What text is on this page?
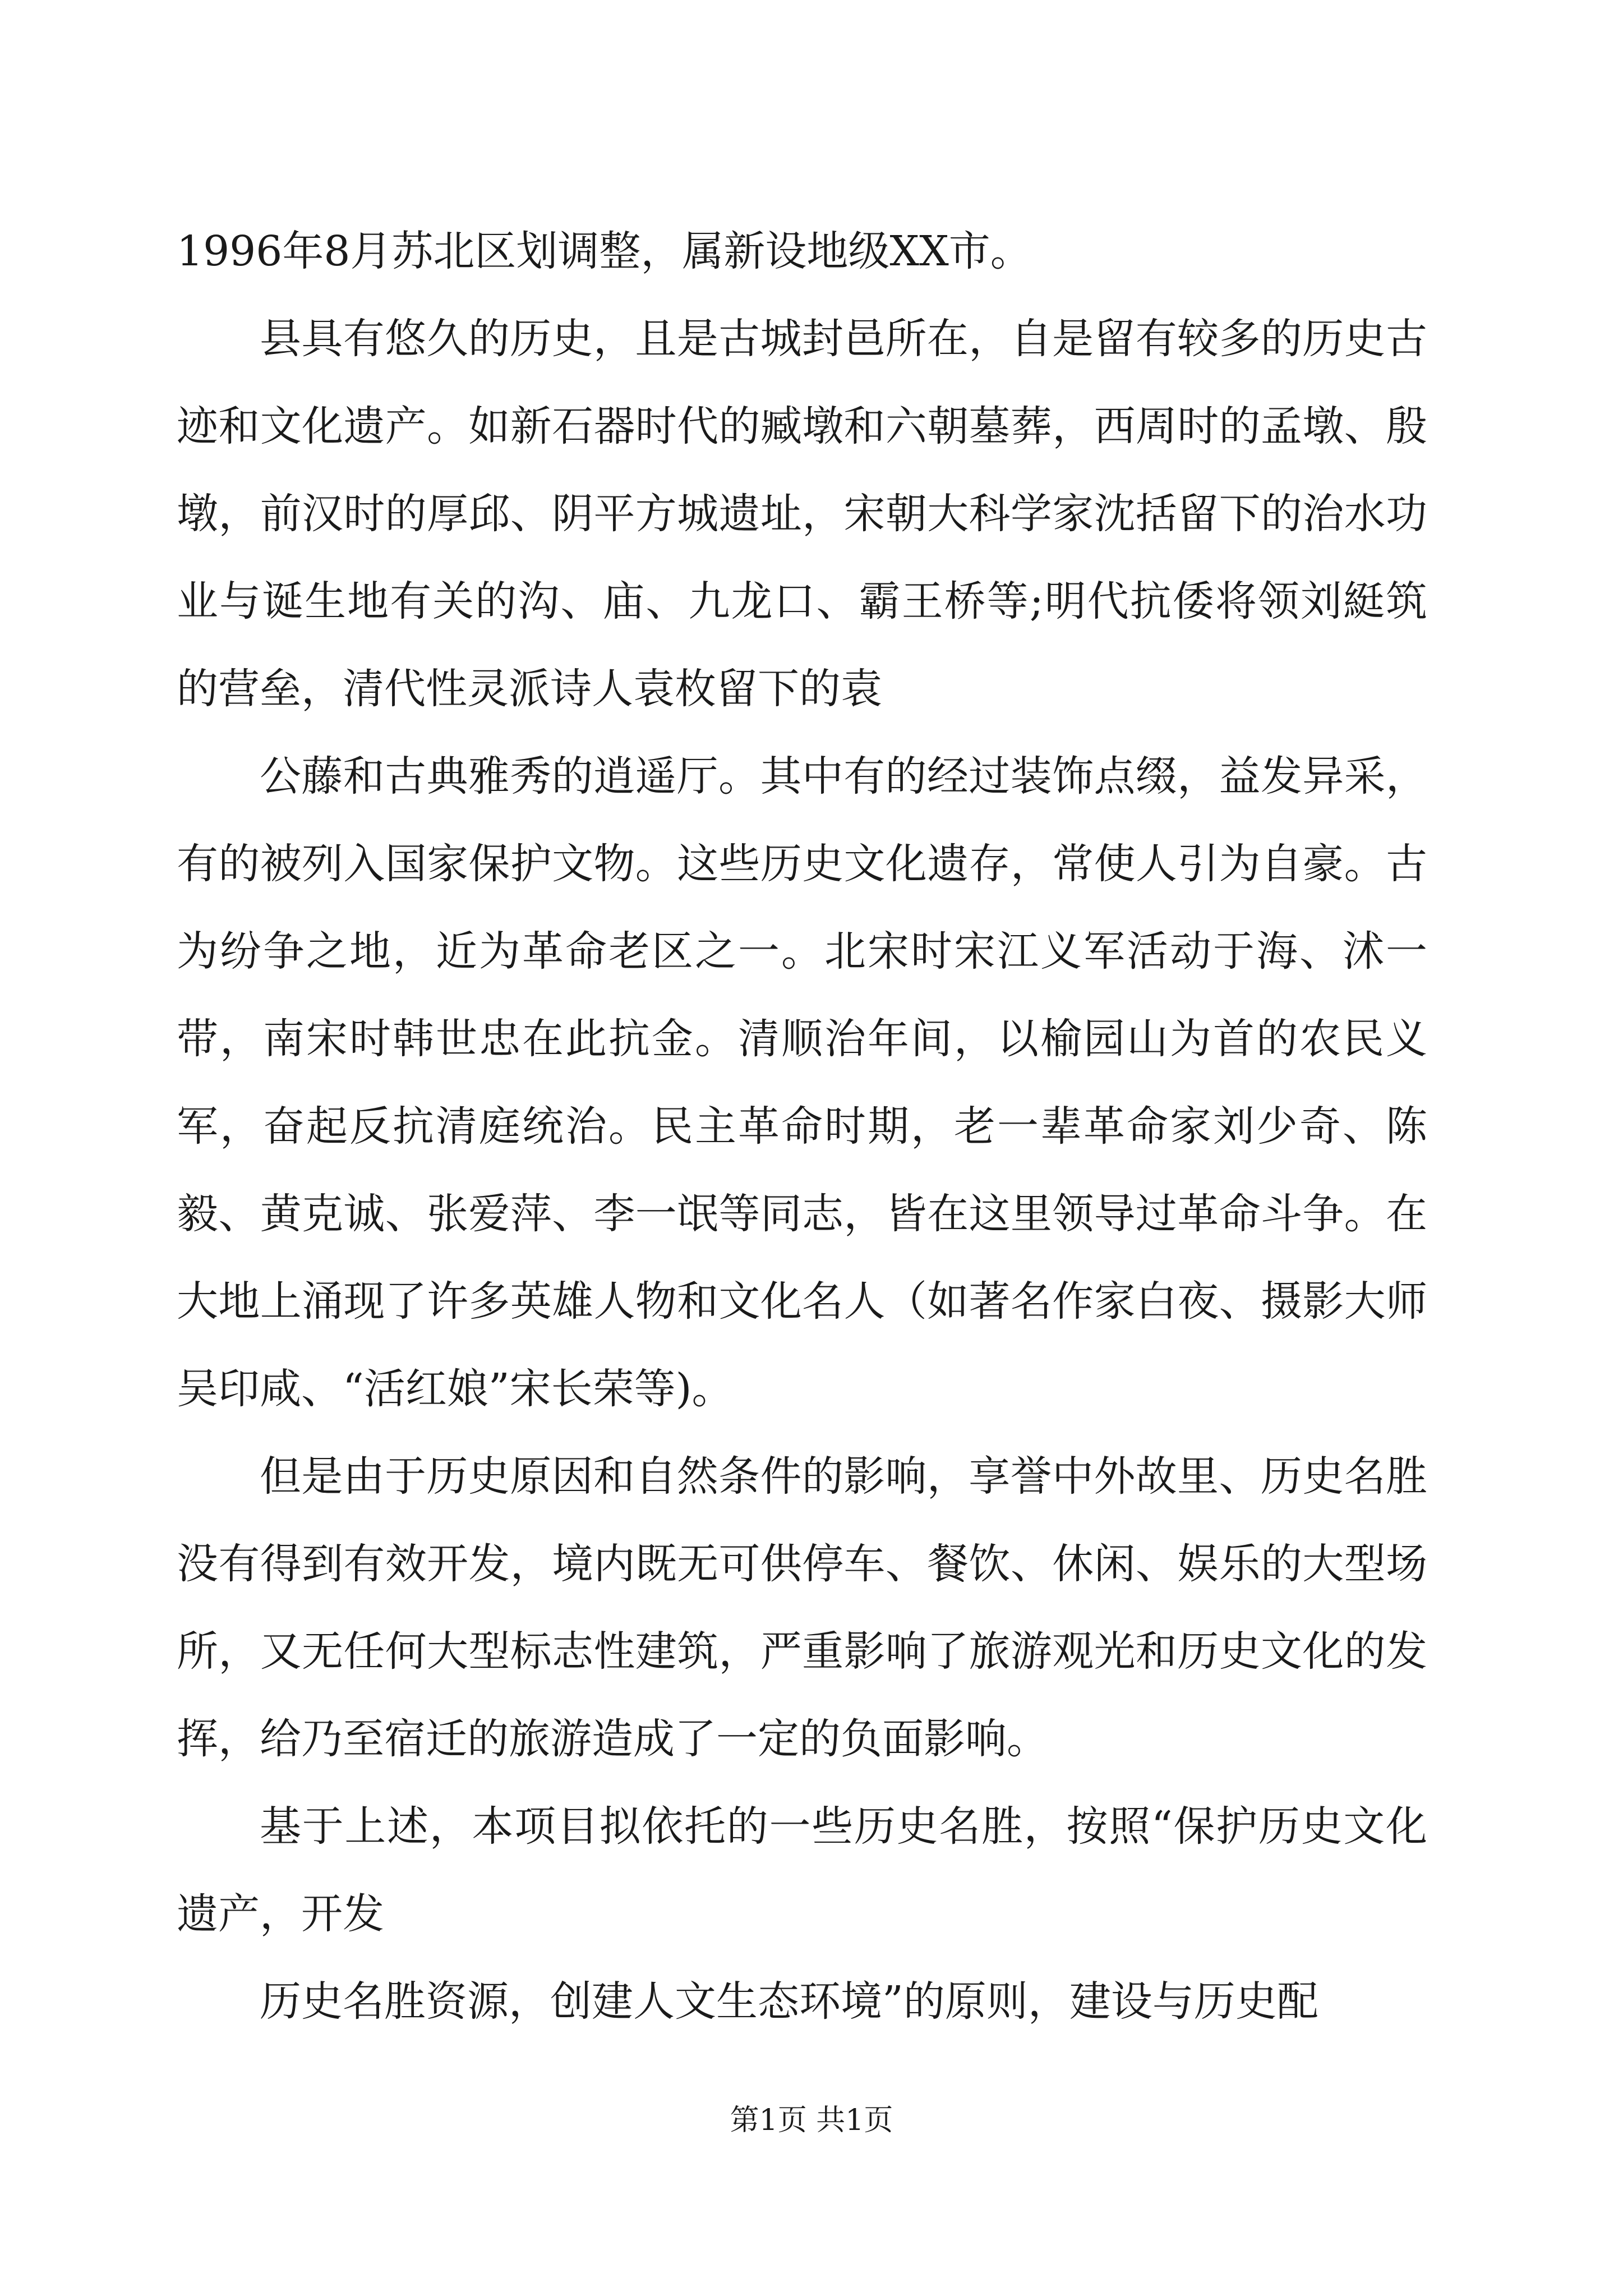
1996年8月苏北区划调整，属新设地级XX市。

县具有悠久的历史，且是古城封邑所在，自是留有较多的历史古迹和文化遗产。如新石器时代的臧墩和六朝墓葬，西周时的孟墩、殷墩，前汉时的厚邱、阴平方城遗址，宋朝大科学家沈括留下的治水功业与诞生地有关的沟、庙、九龙口、霸王桥等;明代抗倭将领刘綎筑的营垒，清代性灵派诗人袁枚留下的袁

公藤和古典雅秀的逍遥厅。其中有的经过装饰点缀，益发异采，有的被列入国家保护文物。这些历史文化遗存，常使人引为自豪。古为纷争之地，近为革命老区之一。北宋时宋江义军活动于海、沭一带，南宋时韩世忠在此抗金。清顺治年间，以榆园山为首的农民义军，奋起反抗清庭统治。民主革命时期，老一辈革命家刘少奇、陈毅、黄克诚、张爱萍、李一氓等同志，皆在这里领导过革命斗争。在大地上涌现了许多英雄人物和文化名人（如著名作家白夜、摄影大师吴印咸、“活红娘”宋长荣等)。

但是由于历史原因和自然条件的影响，享誉中外故里、历史名胜没有得到有效开发，境内既无可供停车、餐饮、休闲、娱乐的大型场所，又无任何大型标志性建筑，严重影响了旅游观光和历史文化的发挥，给乃至宿迁的旅游造成了一定的负面影响。

基于上述，本项目拟依托的一些历史名胜，按照“保护历史文化遗产，开发

历史名胜资源，创建人文生态环境”的原则，建设与历史配

第1页 共1页
